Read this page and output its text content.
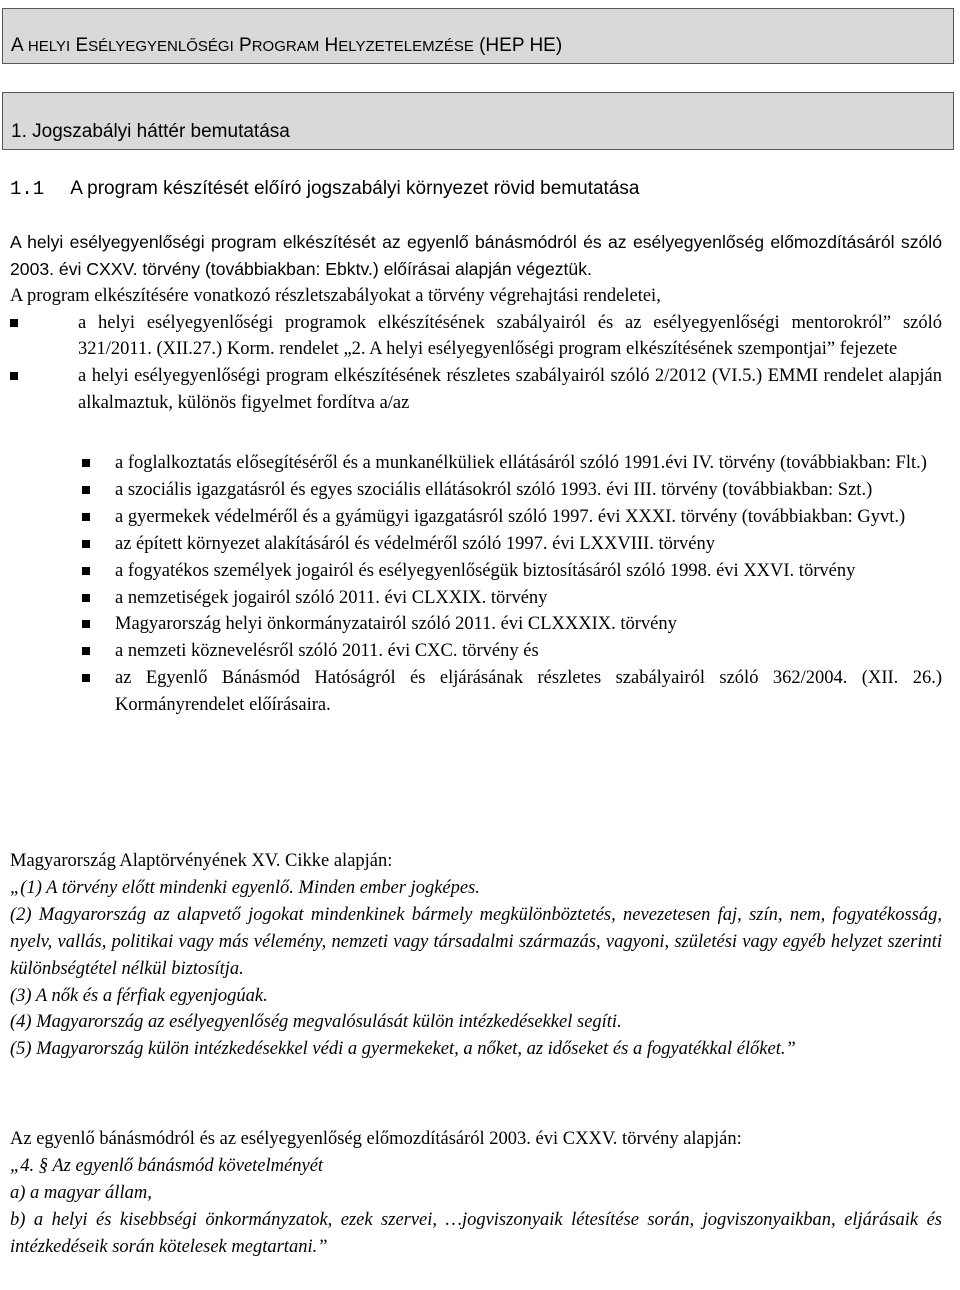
A HELYI ESÉLYEGYENLŐSÉGI PROGRAM HELYZETELEMZÉSE (HEP HE)
1. Jogszabályi háttér bemutatása
1.1 A program készítését előíró jogszabályi környezet rövid bemutatása

A helyi esélyegyenlőségi program elkészítését az egyenlő bánásmódról és az esélyegyenlőség előmozdításáról szóló 2003. évi CXXV. törvény (továbbiakban: Ebktv.) előírásai alapján végeztük.

A program elkészítésére vonatkozó részletszabályokat a törvény végrehajtási rendeletei,

a helyi esélyegyenlőségi programok elkészítésének szabályairól és az esélyegyenlőségi mentorokról” szóló 321/2011. (XII.27.) Korm. rendelet „2. A helyi esélyegyenlőségi program elkészítésének szempontjai” fejezete
a helyi esélyegyenlőségi program elkészítésének részletes szabályairól szóló 2/2012 (VI.5.) EMMI rendelet alapján alkalmaztuk, különös figyelmet fordítva a/az
a foglalkoztatás elősegítéséről és a munkanélküliek ellátásáról szóló 1991.évi IV. törvény (továbbiakban: Flt.)
a szociális igazgatásról és egyes szociális ellátásokról szóló 1993. évi III. törvény (továbbiakban: Szt.)
a gyermekek védelméről és a gyámügyi igazgatásról szóló 1997. évi XXXI. törvény (továbbiakban: Gyvt.)
az épített környezet alakításáról és védelméről szóló 1997. évi LXXVIII. törvény
a fogyatékos személyek jogairól és esélyegyenlőségük biztosításáról szóló 1998. évi XXVI. törvény
a nemzetiségek jogairól szóló 2011. évi CLXXIX. törvény
Magyarország helyi önkormányzatairól szóló 2011. évi CLXXXIX. törvény
a nemzeti köznevelésről szóló 2011. évi CXC. törvény és
az Egyenlő Bánásmód Hatóságról és eljárásának részletes szabályairól szóló 362/2004. (XII. 26.) Kormányrendelet előírásaira.

Magyarország Alaptörvényének XV. Cikke alapján:

„(1) A törvény előtt mindenki egyenlő. Minden ember jogképes.

(2) Magyarország az alapvető jogokat mindenkinek bármely megkülönböztetés, nevezetesen faj, szín, nem, fogyatékosság, nyelv, vallás, politikai vagy más vélemény, nemzeti vagy társadalmi származás, vagyoni, születési vagy egyéb helyzet szerinti különbségtétel nélkül biztosítja.

(3) A nők és a férfiak egyenjogúak.

(4) Magyarország az esélyegyenlőség megvalósulását külön intézkedésekkel segíti.

(5) Magyarország külön intézkedésekkel védi a gyermekeket, a nőket, az időseket és a fogyatékkal élőket.”

Az egyenlő bánásmódról és az esélyegyenlőség előmozdításáról 2003. évi CXXV. törvény alapján:

„4. § Az egyenlő bánásmód követelményét

a) a magyar állam,

b) a helyi és kisebbségi önkormányzatok, ezek szervei, …jogviszonyaik létesítése során, jogviszonyaikban, eljárásaik és intézkedéseik során kötelesek megtartani.”
